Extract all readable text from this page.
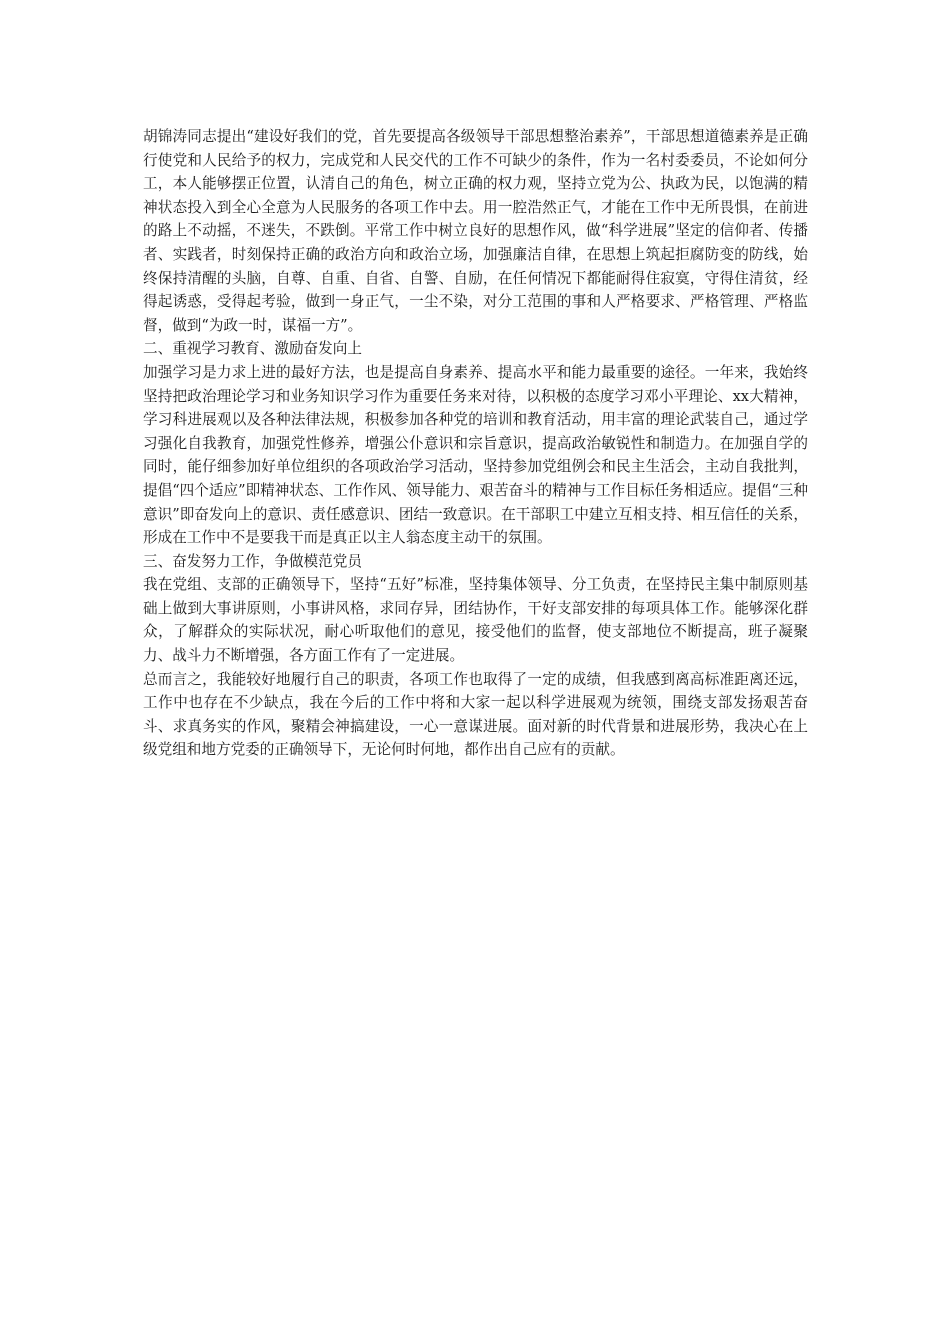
胡锦涛同志提出“建设好我们的党，首先要提高各级领导干部思想整治素养”，干部思想道德素养是正确行使党和人民给予的权力，完成党和人民交代的工作不可缺少的条件，作为一名村委委员，不论如何分工，本人能够摆正位置，认清自己的角色，树立正确的权力观，坚持立党为公、执政为民，以饱满的精神状态投入到全心全意为人民服务的各项工作中去。用一腔浩然正气，才能在工作中无所畏惧，在前进的路上不动摇，不迷失，不跌倒。平常工作中树立良好的思想作风，做“科学进展”坚定的信仰者、传播者、实践者，时刻保持正确的政治方向和政治立场，加强廉洁自律，在思想上筑起拒腐防变的防线，始终保持清醒的头脑，自尊、自重、自省、自警、自励，在任何情况下都能耐得住寂寞，守得住清贫，经得起诱惑，受得起考验，做到一身正气，一尘不染，对分工范围的事和人严格要求、严格管理、严格监督，做到“为政一时，谋福一方”。

二、重视学习教育、激励奋发向上

加强学习是力求上进的最好方法，也是提高自身素养、提高水平和能力最重要的途径。一年来，我始终坚持把政治理论学习和业务知识学习作为重要任务来对待，以积极的态度学习邓小平理论、xx大精神，学习科进展观以及各种法律法规，积极参加各种党的培训和教育活动，用丰富的理论武装自己，通过学习强化自我教育，加强党性修养，增强公仆意识和宗旨意识，提高政治敏锐性和制造力。在加强自学的同时，能仔细参加好单位组织的各项政治学习活动，坚持参加党组例会和民主生活会，主动自我批判，提倡“四个适应”即精神状态、工作作风、领导能力、艰苦奋斗的精神与工作目标任务相适应。提倡“三种意识”即奋发向上的意识、责任感意识、团结一致意识。在干部职工中建立互相支持、相互信任的关系，形成在工作中不是要我干而是真正以主人翁态度主动干的氛围。

三、奋发努力工作，争做模范党员

我在党组、支部的正确领导下，坚持“五好”标准，坚持集体领导、分工负责，在坚持民主集中制原则基础上做到大事讲原则，小事讲风格，求同存异，团结协作，干好支部安排的每项具体工作。能够深化群众，了解群众的实际状况，耐心听取他们的意见，接受他们的监督，使支部地位不断提高，班子凝聚力、战斗力不断增强，各方面工作有了一定进展。

总而言之，我能较好地履行自己的职责，各项工作也取得了一定的成绩，但我感到离高标准距离还远，工作中也存在不少缺点，我在今后的工作中将和大家一起以科学进展观为统领，围绕支部发扬艰苦奋斗、求真务实的作风，聚精会神搞建设，一心一意谋进展。面对新的时代背景和进展形势，我决心在上级党组和地方党委的正确领导下，无论何时何地，都作出自己应有的贡献。
